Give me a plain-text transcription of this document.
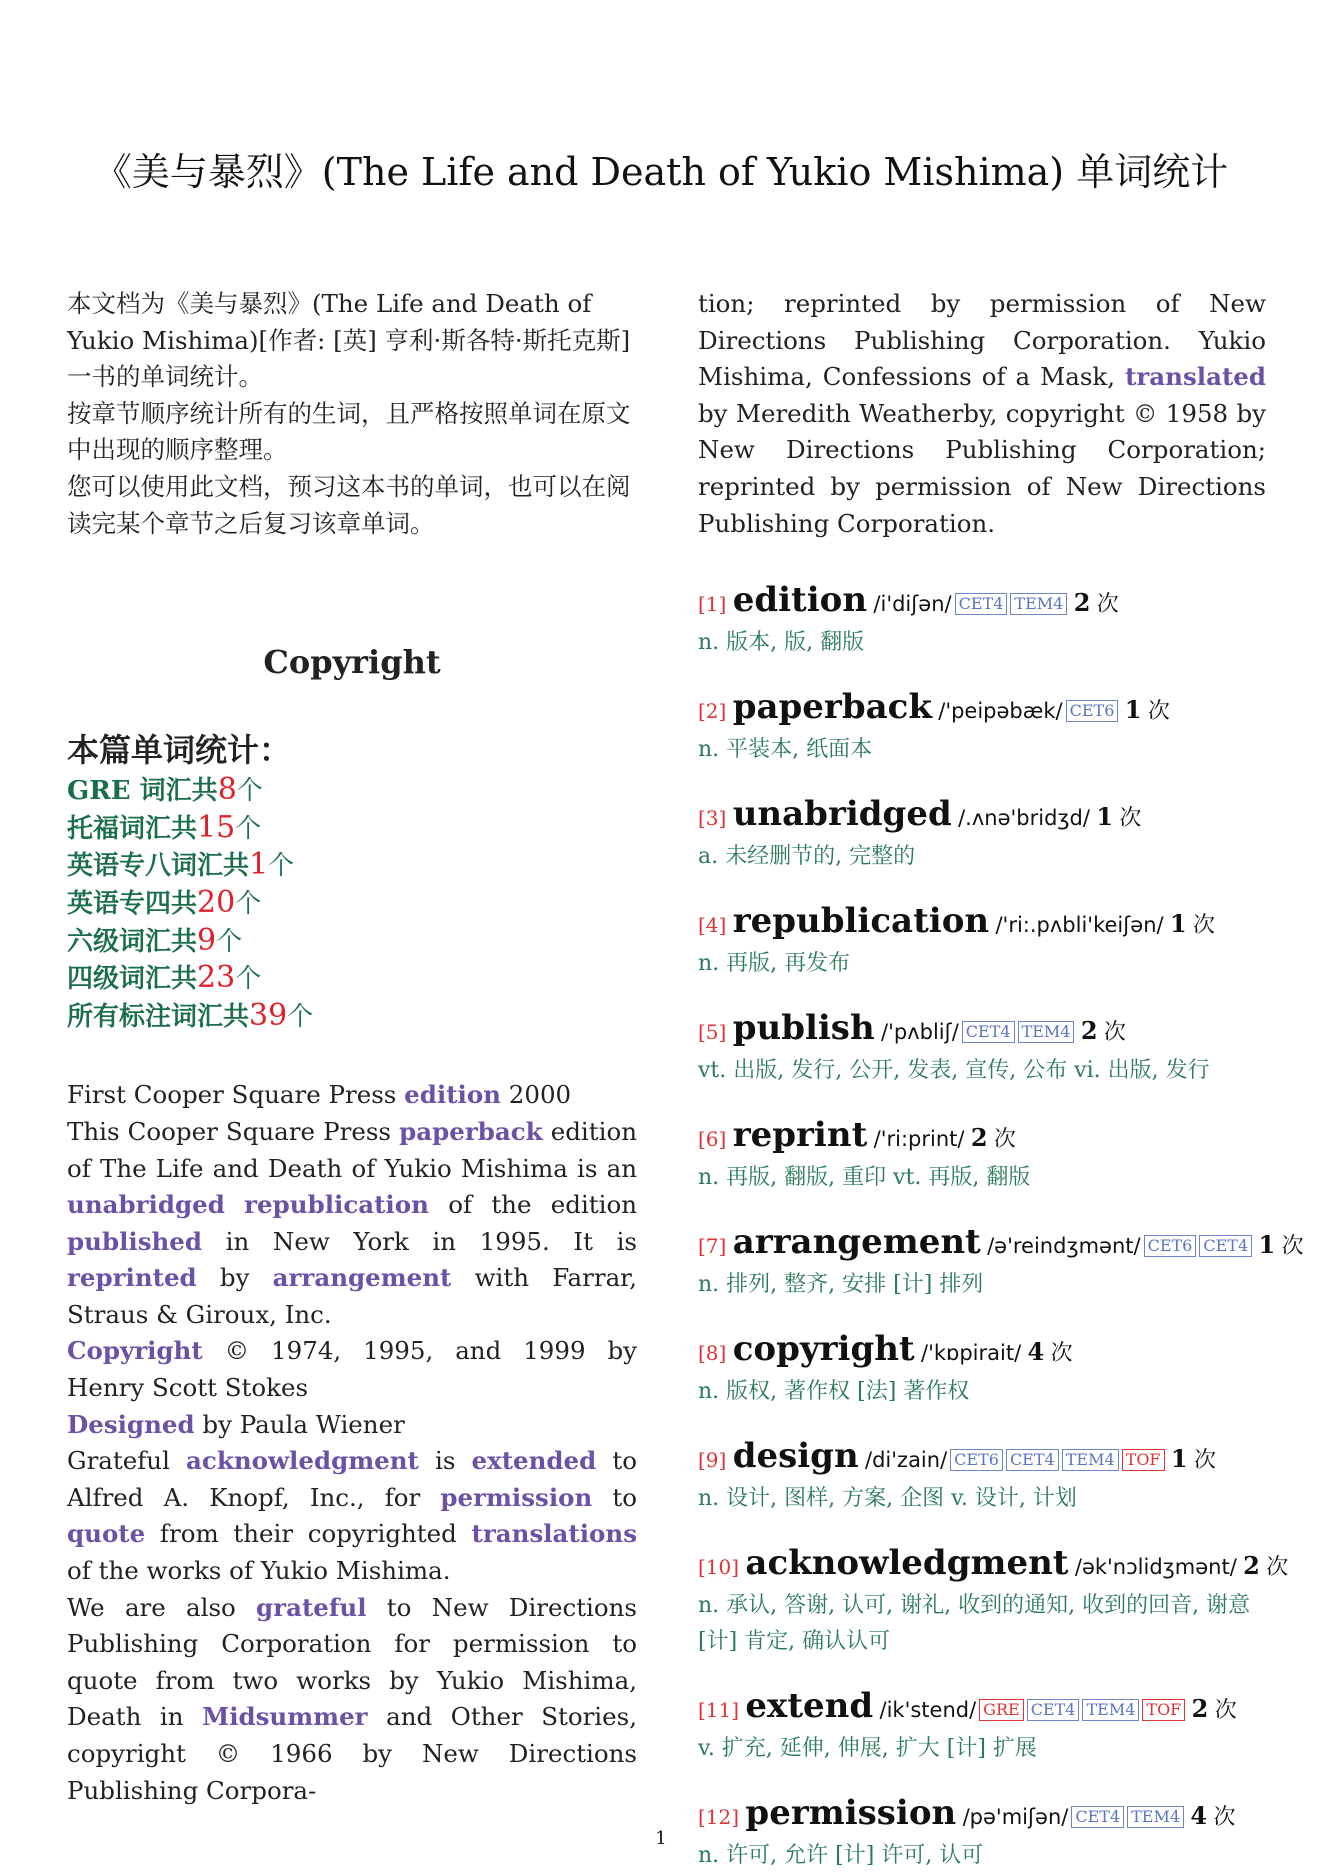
《美与暴烈》(The Life and Death of Yukio Mishima) 单词统计

本文档为《美与暴烈》(The Life and Death of Yukio Mishima)[作者: [英] 亨利·斯各特·斯托克斯] 一书的单词统计。

按章节顺序统计所有的生词，且严格按照单词在原文中出现的顺序整理。

您可以使用此文档，预习这本书的单词，也可以在阅读完某个章节之后复习该章单词。

Copyright
本篇单词统计：
GRE 词汇共8个
托福词汇共15个
英语专八词汇共1个
英语专四共20个
六级词汇共9个
四级词汇共23个
所有标注词汇共39个

First Cooper Square Press edition 2000

This Cooper Square Press paperback edition of The Life and Death of Yukio Mishima is an unabridged republication of the edition published in New York in 1995. It is reprinted by arrangement with Farrar, Straus & Giroux, Inc.

Copyright © 1974, 1995, and 1999 by Henry Scott Stokes

Designed by Paula Wiener

Grateful acknowledgment is extended to Alfred A. Knopf, Inc., for permission to quote from their copyrighted translations of the works of Yukio Mishima.

We are also grateful to New Directions Publishing Corporation for permission to quote from two works by Yukio Mishima, Death in Midsummer and Other Stories, copyright © 1966 by New Directions Publishing Corpora-

tion; reprinted by permission of New Directions Publishing Corporation. Yukio Mishima, Confessions of a Mask, translated by Meredith Weatherby, copyright © 1958 by New Directions Publishing Corporation; reprinted by permission of New Directions Publishing Corporation.

[1] edition /i'diʃən/ CET4 TEM4 2 次
n. 版本, 版, 翻版
[2] paperback /'peipəbæk/ CET6 1 次
n. 平装本, 纸面本
[3] unabridged /.ʌnə'bridʒd/ 1 次
a. 未经删节的, 完整的
[4] republication /'ri:.pʌbli'keiʃən/ 1 次
n. 再版, 再发布
[5] publish /'pʌbliʃ/ CET4 TEM4 2 次
vt. 出版, 发行, 公开, 发表, 宣传, 公布 vi. 出版, 发行
[6] reprint /'ri:print/ 2 次
n. 再版, 翻版, 重印 vt. 再版, 翻版
[7] arrangement /ə'reindʒmənt/ CET6 CET4 1 次
n. 排列, 整齐, 安排 [计] 排列
[8] copyright /'kɒpirait/ 4 次
n. 版权, 著作权 [法] 著作权
[9] design /di'zain/ CET6 CET4 TEM4 TOF 1 次
n. 设计, 图样, 方案, 企图 v. 设计, 计划
[10] acknowledgment /ək'nɔlidʒmənt/ 2 次
n. 承认, 答谢, 认可, 谢礼, 收到的通知, 收到的回音, 谢意 [计] 肯定, 确认认可
[11] extend /ik'stend/ GRE CET4 TEM4 TOF 2 次
v. 扩充, 延伸, 伸展, 扩大 [计] 扩展
[12] permission /pə'miʃən/ CET4 TEM4 4 次
n. 许可, 允许 [计] 许可, 认可
1
